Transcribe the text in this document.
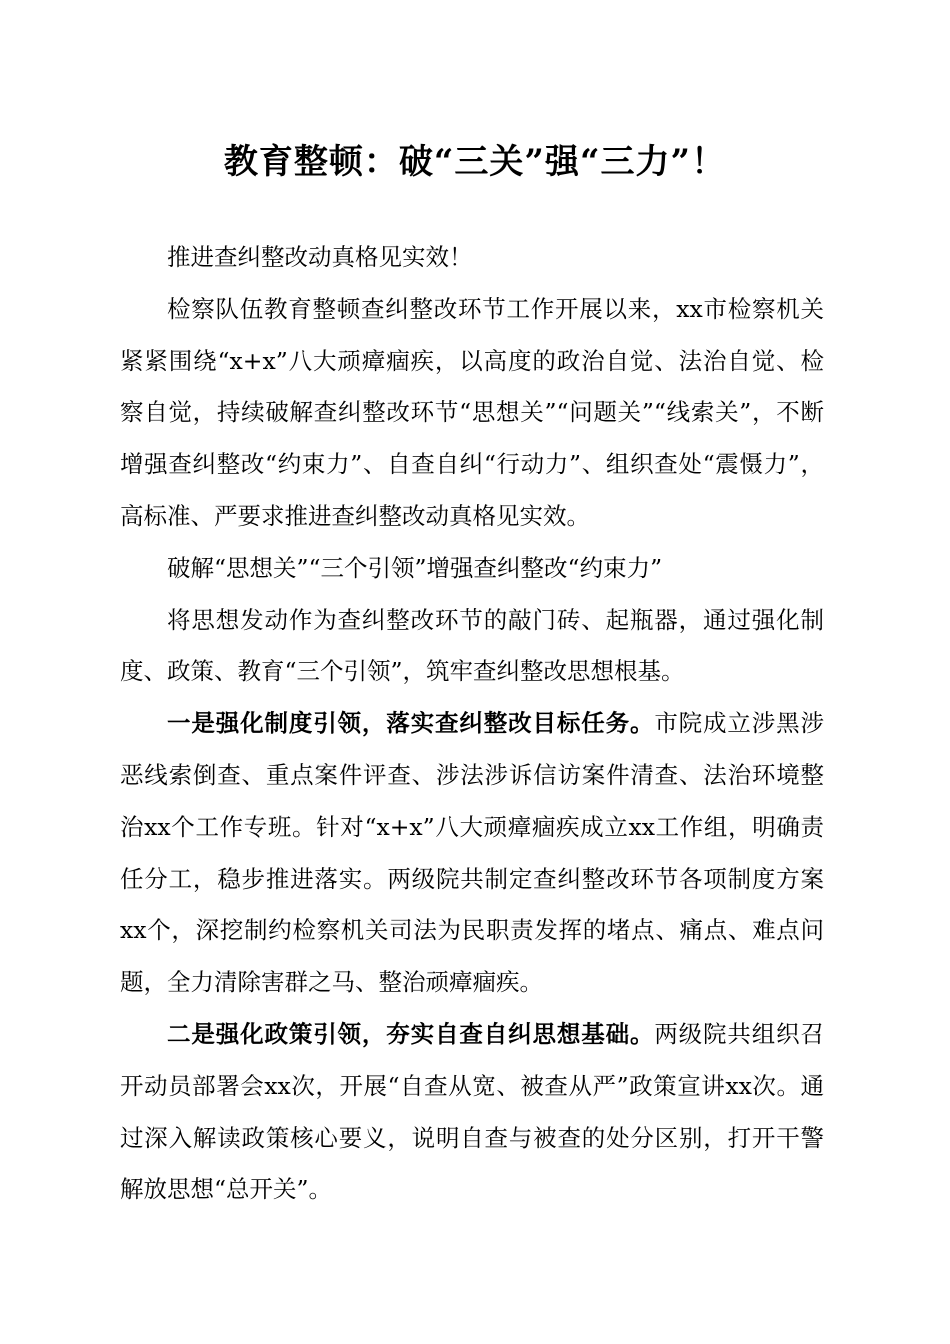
教育整顿：破“三关”强“三力”！

推进查纠整改动真格见实效！

检察队伍教育整顿查纠整改环节工作开展以来，xx市检察机关紧紧围绕“x+x”八大顽瘴痼疾，以高度的政治自觉、法治自觉、检察自觉，持续破解查纠整改环节“思想关”“问题关”“线索关”，不断增强查纠整改“约束力”、自查自纠“行动力”、组织查处“震慑力”，高标准、严要求推进查纠整改动真格见实效。

破解“思想关”“三个引领”增强查纠整改“约束力”

将思想发动作为查纠整改环节的敲门砖、起瓶器，通过强化制度、政策、教育“三个引领”，筑牢查纠整改思想根基。

一是强化制度引领，落实查纠整改目标任务。市院成立涉黑涉恶线索倒查、重点案件评查、涉法涉诉信访案件清查、法治环境整治xx个工作专班。针对“x+x”八大顽瘴痼疾成立xx工作组，明确责任分工，稳步推进落实。两级院共制定查纠整改环节各项制度方案xx个，深挖制约检察机关司法为民职责发挥的堵点、痛点、难点问题，全力清除害群之马、整治顽瘴痼疾。

二是强化政策引领，夯实自查自纠思想基础。两级院共组织召开动员部署会xx次，开展“自查从宽、被查从严”政策宣讲xx次。通过深入解读政策核心要义，说明自查与被查的处分区别，打开干警解放思想“总开关”。
